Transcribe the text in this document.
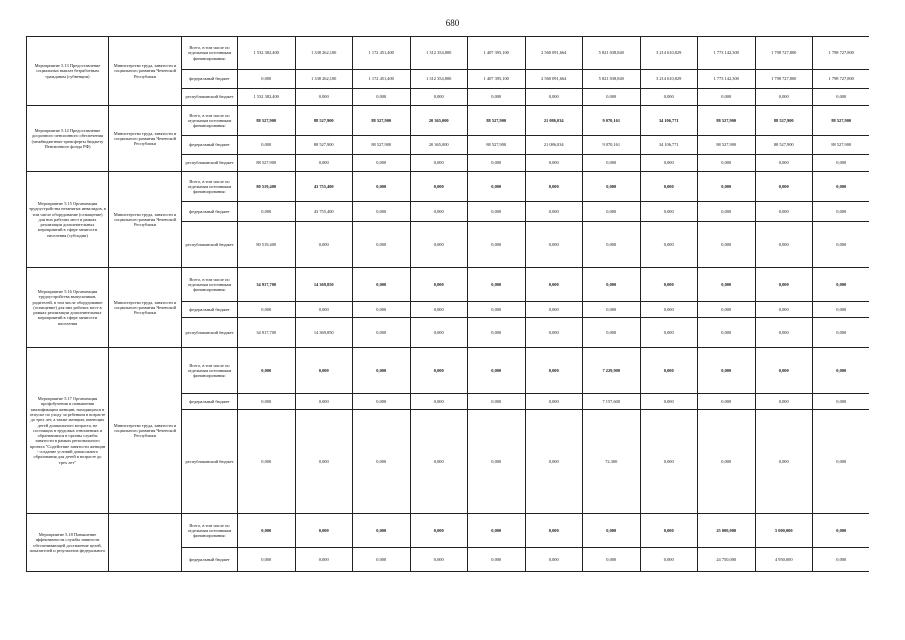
680
Мероприятие 5.13 Предоставление социальных выплат безработным гражданам (субвенции)	Министерство труда, занятости и социального развития Чеченской Республики	Всего, в том числе по отдельным источникам финансирования:	1 532 382,400	1 338 262,100	1 172 451,400	1 312 354,800	1 407 395,100	2 560 091,664	5 821 038,840	3 214 610,829	1 773 142,300	1 798 727,800	1 798 727,800
		федеральный бюджет	0,000	1 338 262,100	1 172 451,400	1 312 354,800	1 407 395,100	2 560 091,664	5 821 038,840	3 214 610,829	1 773 142,300	1 798 727,800	1 798 727,800
		республиканский бюджет	1 532 382,400	0,000	0,000	0,000	0,000	0,000	0,000	0,000	0,000	0,000	0,000
Мероприятие 5.14 Предоставление досрочного пенсионного обеспечения (межбюджетные трансферты бюджету Пенсионного фонда РФ)	Министерство труда, занятости и социального развития Чеченской Республики	Всего, в том числе по отдельным источникам финансирования:	88 527,900	88 527,900	88 527,900	20 365,000	88 527,900	21 086,034	9 070,161	34 106,771	88 527,900	88 527,900	88 527,900
		федеральный бюджет	0,000	88 527,900	88 527,900	20 365,000	88 527,900	21 086,034	9 070,161	34 106,771	88 527,900	88 527,900	88 527,900
		республиканский бюджет	88 527,900	0,000	0,000	0,000	0,000	0,000	0,000	0,000	0,000	0,000	0,000
Мероприятие 5.15 Организация трудоустройства незанятых инвалидов, в том числе оборудование (оснащение) для них рабочих мест в рамках реализации дополнительных мероприятий в сфере занятости населения (субсидии)	Министерство труда, занятости и социального развития Чеченской Республики	Всего, в том числе по отдельным источникам финансирования:	80 519,400	43 755,400	0,000	0,000	0,000	0,000	0,000	0,000	0,000	0,000	0,000
		федеральный бюджет	0,000	43 755,400	0,000	0,000	0,000	0,000	0,000	0,000	0,000	0,000	0,000
		республиканский бюджет	80 519,400	0,000	0,000	0,000	0,000	0,000	0,000	0,000	0,000	0,000	0,000
Мероприятие 5.16 Организация трудоустройства выпускников, родителей, в том числе оборудование (оснащение) для них рабочих мест в рамках реализации дополнительных мероприятий в сфере занятости населения	Министерство труда, занятости и социального развития Чеченской Республики	Всего, в том числе по отдельным источникам финансирования:	34 917,700	14 369,850	0,000	0,000	0,000	0,000	0,000	0,000	0,000	0,000	0,000
		федеральный бюджет	0,000	0,000	0,000	0,000	0,000	0,000	0,000	0,000	0,000	0,000	0,000
		республиканский бюджет	34 917,700	14 369,850	0,000	0,000	0,000	0,000	0,000	0,000	0,000	0,000	0,000
Мероприятие 5.17 Организация профобучения и повышения квалификации женщин, находящихся в отпуске по уходу за ребенком в возрасте до трех лет, а также женщин, имеющих детей дошкольного возраста, не состоящих в трудовых отношениях и обратившихся в органы службы занятости в рамках регионального проекта "Содействие занятости женщин - создание условий дошкольного образования для детей в возрасте до трех лет"	Министерство труда, занятости и социального развития Чеченской Республики	Всего, в том числе по отдельным источникам финансирования:	0,000	0,000	0,000	0,000	0,000	0,000	7 229,900	0,000	0,000	0,000	0,000
		федеральный бюджет	0,000	0,000	0,000	0,000	0,000	0,000	7 157,600	0,000	0,000	0,000	0,000
		республиканский бюджет	0,000	0,000	0,000	0,000	0,000	0,000	72,300	0,000	0,000	0,000	0,000
Мероприятие 5.18 Повышение эффективности службы занятости обеспечивающей достижение целей, показателей и результатов федерального		Всего, в том числе по отдельным источникам финансирования:	0,000	0,000	0,000	0,000	0,000	0,000	0,000	0,000	25 000,000	5 000,000	0,000
		федеральный бюджет	0,000	0,000	0,000	0,000	0,000	0,000	0,000	0,000	24 750,000	4 950,000	0,000
